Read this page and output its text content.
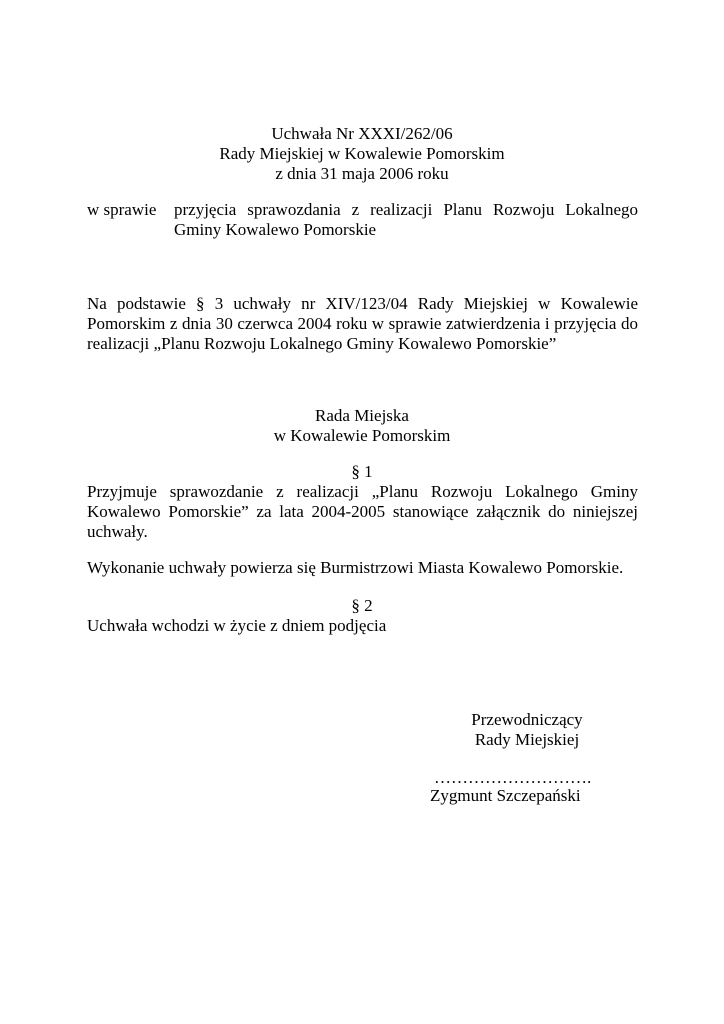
Uchwała Nr XXXI/262/06
Rady Miejskiej w Kowalewie Pomorskim
z dnia 31 maja 2006 roku
w sprawie	przyjęcia sprawozdania z realizacji Planu Rozwoju Lokalnego
Gminy Kowalewo Pomorskie
Na podstawie § 3 uchwały nr XIV/123/04 Rady Miejskiej w Kowalewie
Pomorskim z dnia 30 czerwca 2004 roku w sprawie zatwierdzenia i przyjęcia do
realizacji „Planu Rozwoju Lokalnego Gminy Kowalewo Pomorskie”
Rada Miejska
w Kowalewie Pomorskim
§ 1
Przyjmuje sprawozdanie z realizacji „Planu Rozwoju Lokalnego Gminy
Kowalewo Pomorskie” za lata 2004-2005 stanowiące załącznik do niniejszej
uchwały.
Wykonanie uchwały powierza się Burmistrzowi Miasta Kowalewo Pomorskie.
§ 2
Uchwała wchodzi w życie z dniem podjęcia
Przewodniczący
Rady Miejskiej
……………………….
Zygmunt Szczepański
